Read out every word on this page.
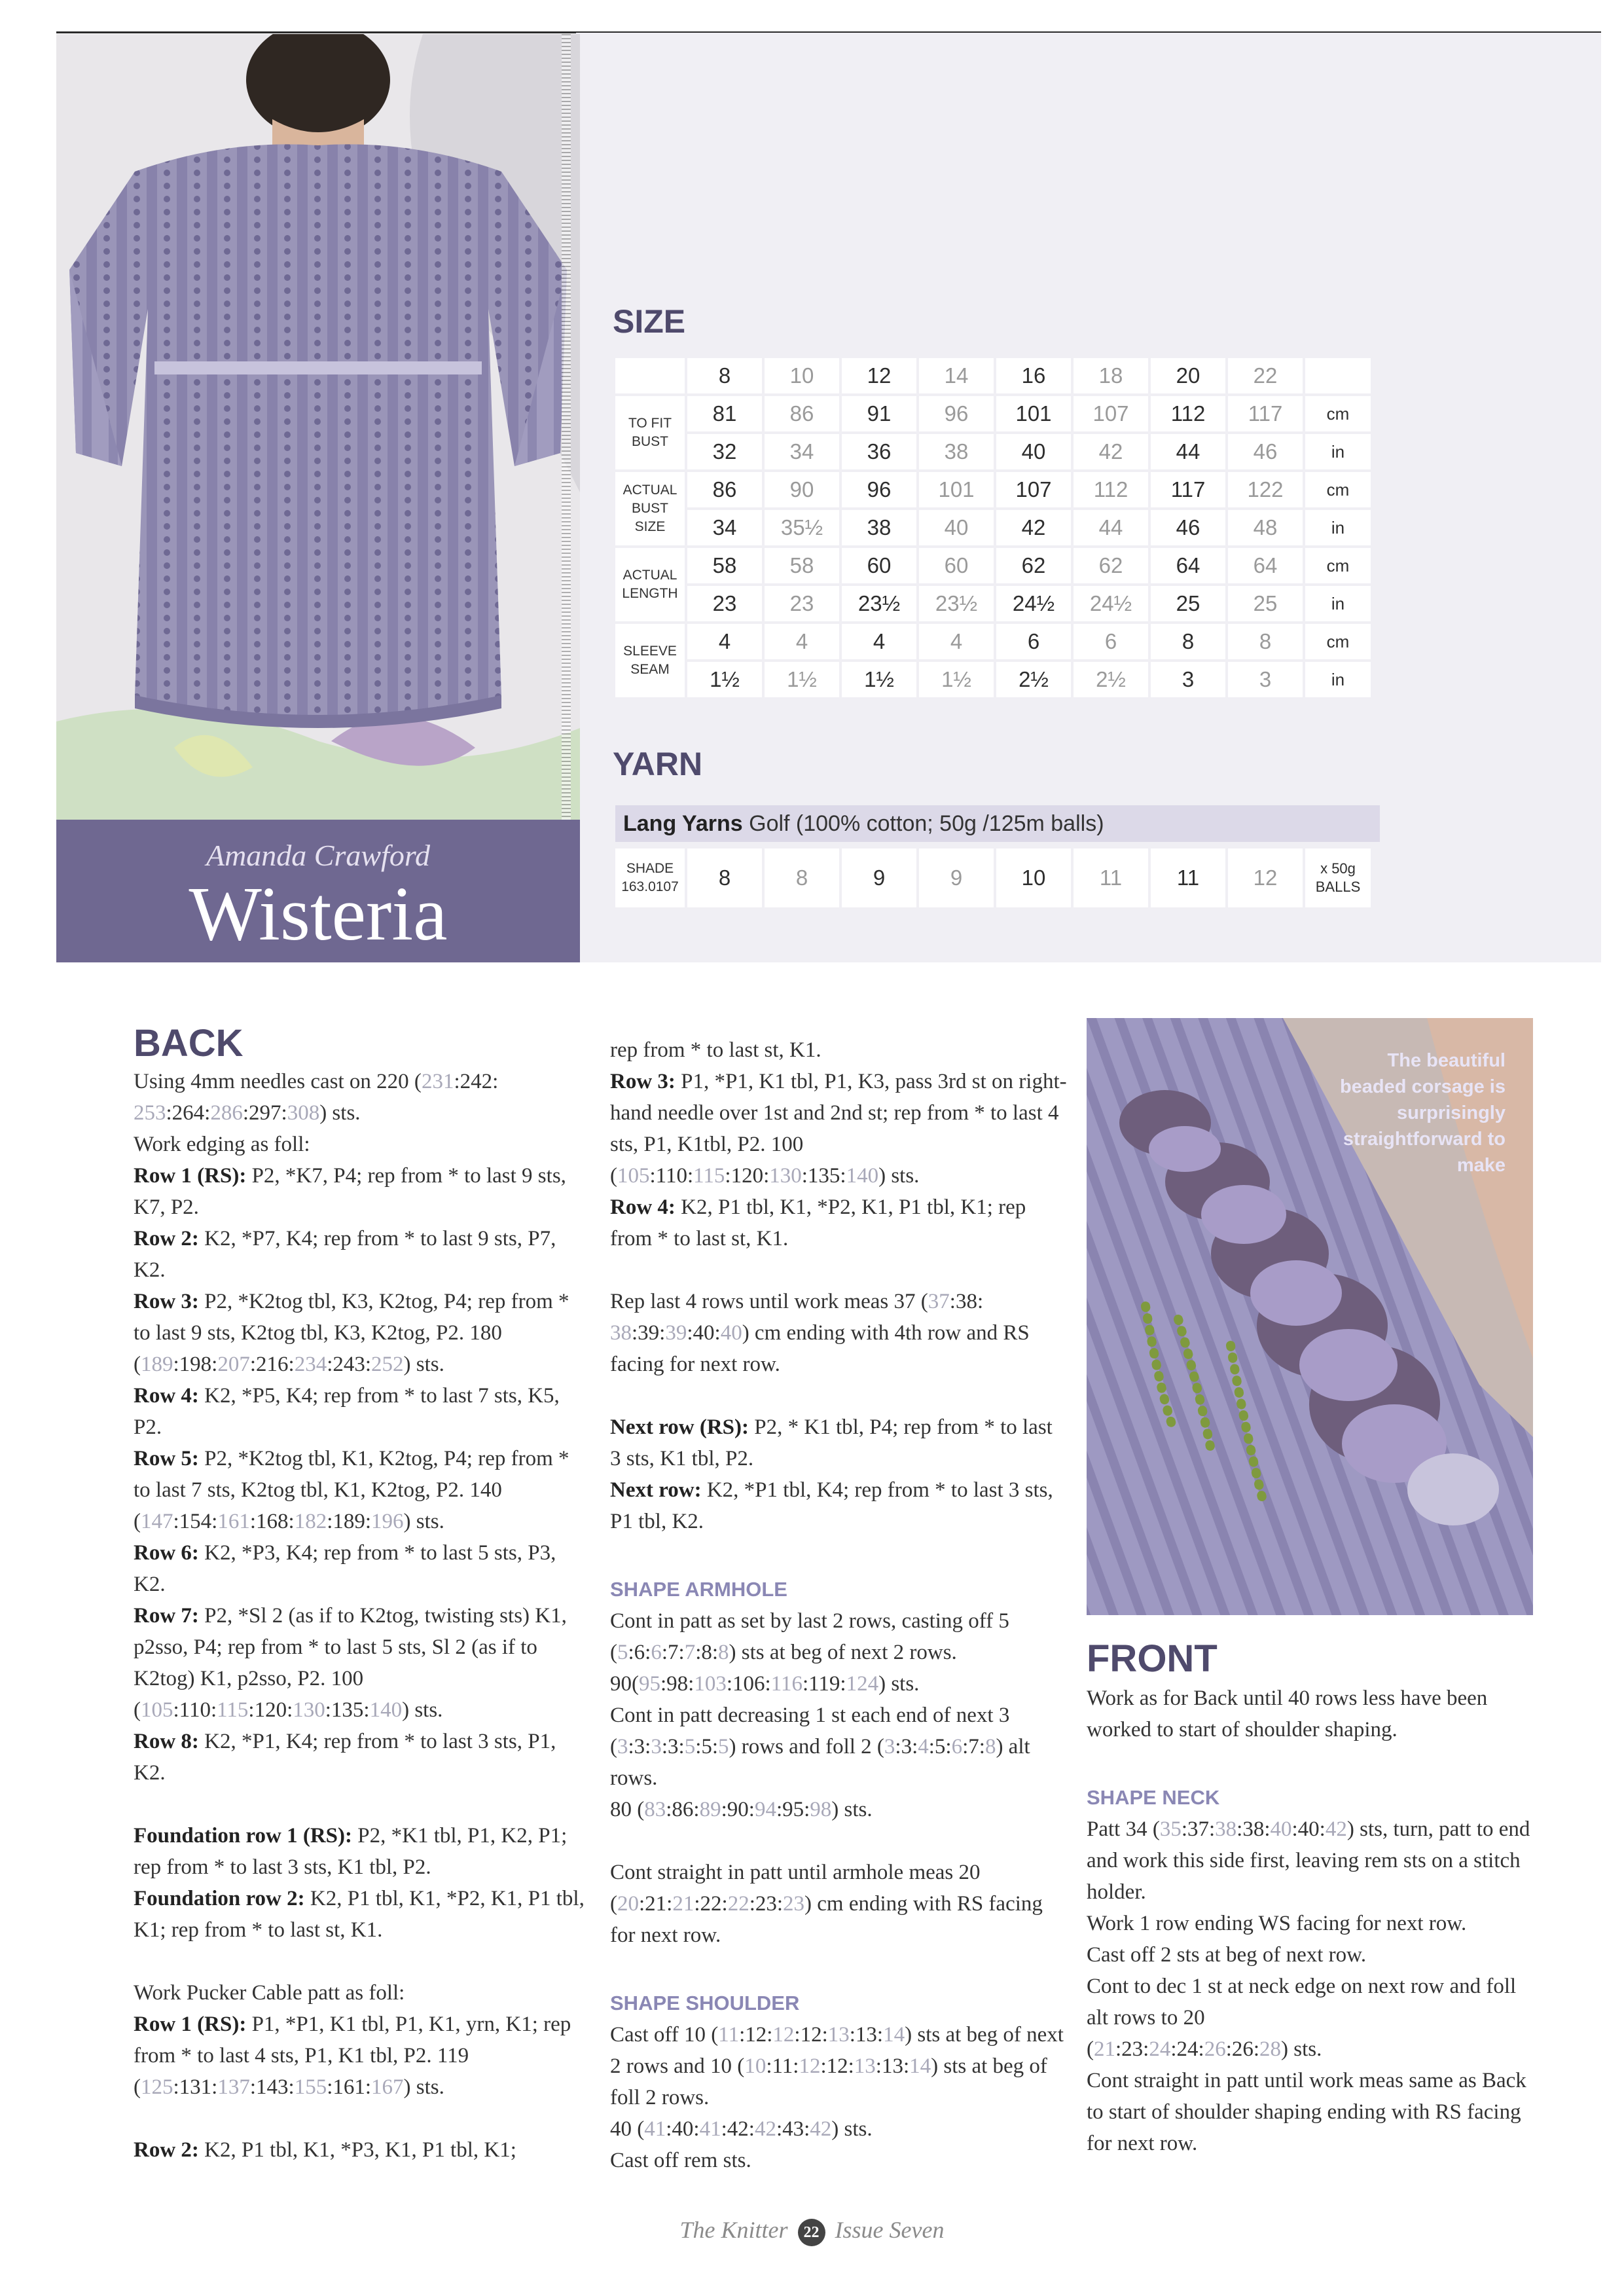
Amanda Crawford
Wisteria
SIZE
	8	10	12	14	16	18	20	22	
TO FIT BUST	81	86	91	96	101	107	112	117	cm
	32	34	36	38	40	42	44	46	in
ACTUAL BUST SIZE	86	90	96	101	107	112	117	122	cm
	34	35½	38	40	42	44	46	48	in
ACTUAL LENGTH	58	58	60	60	62	62	64	64	cm
	23	23	23½	23½	24½	24½	25	25	in
SLEEVE SEAM	4	4	4	4	6	6	8	8	cm
	1½	1½	1½	1½	2½	2½	3	3	in
YARN
Lang Yarns Golf (100% cotton; 50g /125m balls)
SHADE 163.0107	8	8	9	9	10	11	11	12	x 50g BALLS
BACK

Using 4mm needles cast on 220 (231:242:
253:264:286:297:308) sts.

Work edging as foll:

Row 1 (RS): P2, *K7, P4; rep from * to last 9 sts, K7, P2.

Row 2: K2, *P7, K4; rep from * to last 9 sts, P7, K2.

Row 3: P2, *K2tog tbl, K3, K2tog, P4; rep from * to last 9 sts, K2tog tbl, K3, K2tog, P2. 180 (189:198:207:216:234:243:252) sts.

Row 4: K2, *P5, K4; rep from * to last 7 sts, K5, P2.

Row 5: P2, *K2tog tbl, K1, K2tog, P4; rep from * to last 7 sts, K2tog tbl, K1, K2tog, P2. 140 (147:154:161:168:182:189:196) sts.

Row 6: K2, *P3, K4; rep from * to last 5 sts, P3, K2.

Row 7: P2, *Sl 2 (as if to K2tog, twisting sts) K1, p2sso, P4; rep from * to last 5 sts, Sl 2 (as if to K2tog) K1, p2sso, P2. 100 (105:110:115:120:130:135:140) sts.

Row 8: K2, *P1, K4; rep from * to last 3 sts, P1, K2.

Foundation row 1 (RS): P2, *K1 tbl, P1, K2, P1; rep from * to last 3 sts, K1 tbl, P2.

Foundation row 2: K2, P1 tbl, K1, *P2, K1, P1 tbl, K1; rep from * to last st, K1.

Work Pucker Cable patt as foll:

Row 1 (RS): P1, *P1, K1 tbl, P1, K1, yrn, K1; rep from * to last 4 sts, P1, K1 tbl, P2. 119 (125:131:137:143:155:161:167) sts.

Row 2: K2, P1 tbl, K1, *P3, K1, P1 tbl, K1;

rep from * to last st, K1.

Row 3: P1, *P1, K1 tbl, P1, K3, pass 3rd st on right-hand needle over 1st and 2nd st; rep from * to last 4 sts, P1, K1tbl, P2. 100 (105:110:115:120:130:135:140) sts.

Row 4: K2, P1 tbl, K1, *P2, K1, P1 tbl, K1; rep from * to last st, K1.

Rep last 4 rows until work meas 37 (37:38:
38:39:39:40:40) cm ending with 4th row and RS facing for next row.

Next row (RS): P2, * K1 tbl, P4; rep from * to last 3 sts, K1 tbl, P2.

Next row: K2, *P1 tbl, K4; rep from * to last 3 sts, P1 tbl, K2.

SHAPE ARMHOLE

Cont in patt as set by last 2 rows, casting off 5 (5:6:6:7:7:8:8) sts at beg of next 2 rows. 90(95:98:103:106:116:119:124) sts.

Cont in patt decreasing 1 st each end of next 3 (3:3:3:3:5:5:5) rows and foll 2 (3:3:4:5:6:7:8) alt rows.
80 (83:86:89:90:94:95:98) sts.

Cont straight in patt until armhole meas 20 (20:21:21:22:22:23:23) cm ending with RS facing for next row.

SHAPE SHOULDER

Cast off 10 (11:12:12:12:13:13:14) sts at beg of next 2 rows and 10 (10:11:12:12:13:13:14) sts at beg of foll 2 rows.
40 (41:40:41:42:42:43:42) sts.
Cast off rem sts.

The beautiful beaded corsage is surprisingly straightforward to make
FRONT

Work as for Back until 40 rows less have been worked to start of shoulder shaping.

SHAPE NECK

Patt 34 (35:37:38:38:40:40:42) sts, turn, patt to end and work this side first, leaving rem sts on a stitch holder.

Work 1 row ending WS facing for next row.

Cast off 2 sts at beg of next row.

Cont to dec 1 st at neck edge on next row and foll alt rows to 20
(21:23:24:24:26:26:28) sts.

Cont straight in patt until work meas same as Back to start of shoulder shaping ending with RS facing for next row.

The Knitter 22 Issue Seven
